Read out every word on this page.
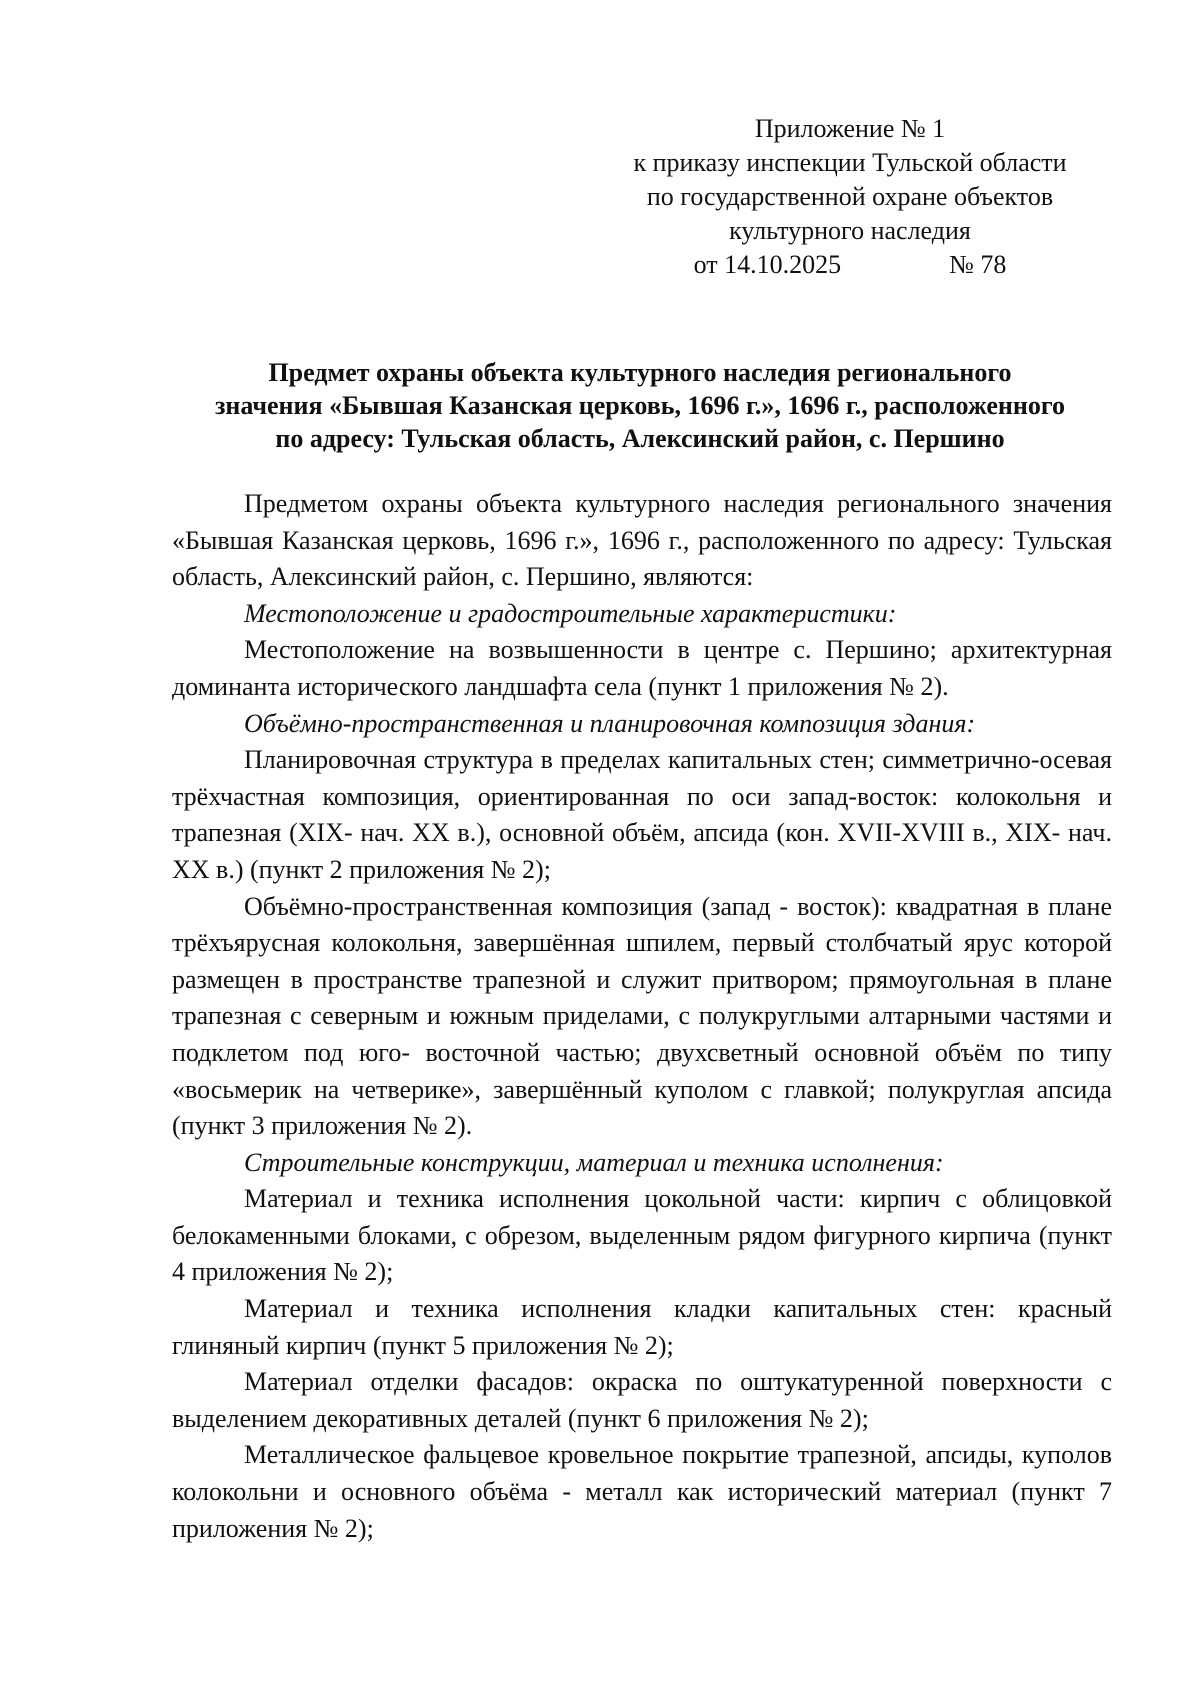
Приложение № 1
к приказу инспекции Тульской области
по государственной охране объектов
культурного наследия
от 14.10.2025	№ 78
Предмет охраны объекта культурного наследия регионального
значения «Бывшая Казанская церковь, 1696 г.», 1696 г., расположенного
по адресу: Тульская область, Алексинский район, с. Першино

Предметом охраны объекта культурного наследия регионального значения «Бывшая Казанская церковь, 1696 г.», 1696 г., расположенного по адресу: Тульская область, Алексинский район, с. Першино, являются:

Местоположение и градостроительные характеристики:

Местоположение на возвышенности в центре с. Першино; архитектурная доминанта исторического ландшафта села (пункт 1 приложения № 2).

Объёмно-пространственная и планировочная композиция здания:

Планировочная структура в пределах капитальных стен; симметрично-осевая трёхчастная композиция, ориентированная по оси запад-восток: колокольня и трапезная (XIX- нач. XX в.), основной объём, апсида (кон. XVII-XVIII в., XIX- нач. XX в.) (пункт 2 приложения № 2);

Объёмно-пространственная композиция (запад - восток): квадратная в плане трёхъярусная колокольня, завершённая шпилем, первый столбчатый ярус которой размещен в пространстве трапезной и служит притвором; прямоугольная в плане трапезная с северным и южным приделами, с полукруглыми алтарными частями и подклетом под юго- восточной частью; двухсветный основной объём по типу «восьмерик на четверике», завершённый куполом с главкой; полукруглая апсида (пункт 3 приложения № 2).

Строительные конструкции, материал и техника исполнения:

Материал и техника исполнения цокольной части: кирпич с облицовкой белокаменными блоками, с обрезом, выделенным рядом фигурного кирпича (пункт 4 приложения № 2);

Материал и техника исполнения кладки капитальных стен: красный глиняный кирпич (пункт 5 приложения № 2);

Материал отделки фасадов: окраска по оштукатуренной поверхности с выделением декоративных деталей (пункт 6 приложения № 2);

Металлическое фальцевое кровельное покрытие трапезной, апсиды, куполов колокольни и основного объёма - металл как исторический материал (пункт 7 приложения № 2);
